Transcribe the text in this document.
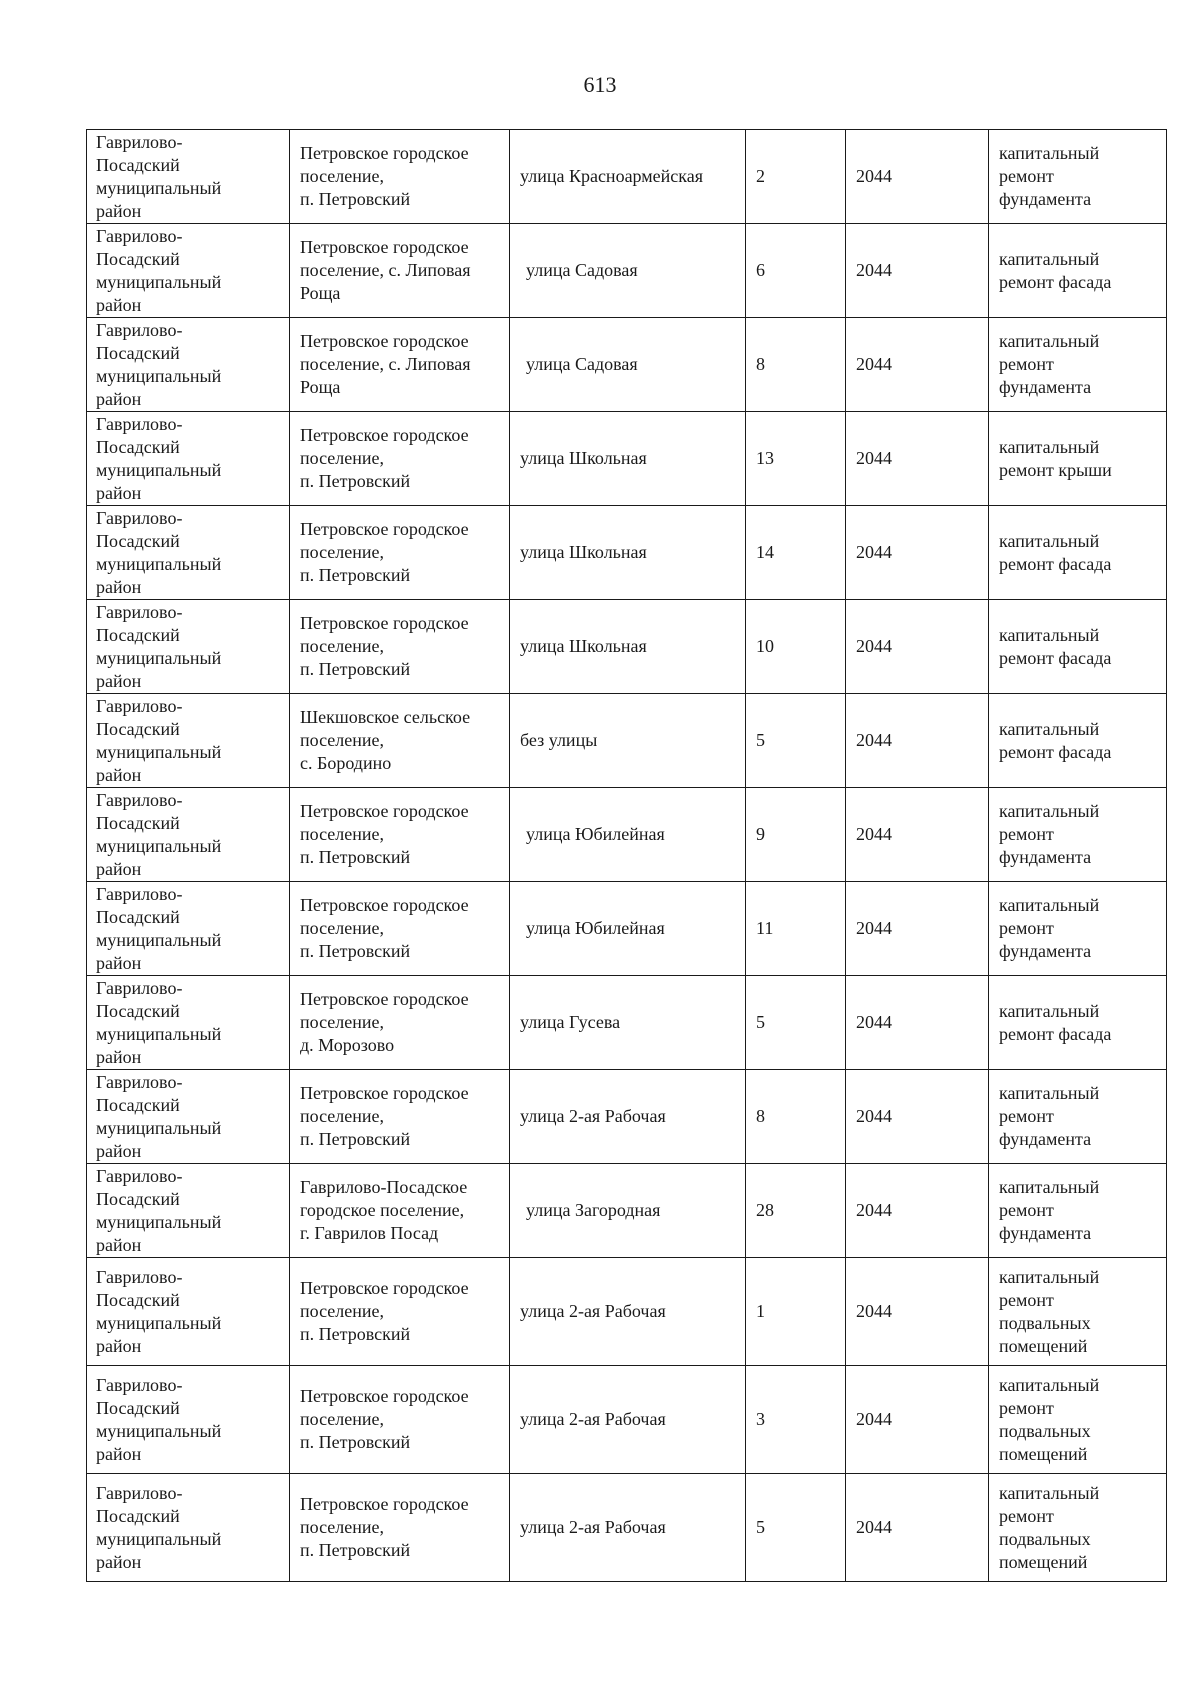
613
Гаврилово-
Посадский
муниципальный
район	Петровское городское
поселение,
п. Петровский	улица Красноармейская	2	2044	капитальный
ремонт
фундамента
Гаврилово-
Посадский
муниципальный
район	Петровское городское
поселение, с. Липовая
Роща	улица Садовая	6	2044	капитальный
ремонт фасада
Гаврилово-
Посадский
муниципальный
район	Петровское городское
поселение, с. Липовая
Роща	улица Садовая	8	2044	капитальный
ремонт
фундамента
Гаврилово-
Посадский
муниципальный
район	Петровское городское
поселение,
п. Петровский	улица Школьная	13	2044	капитальный
ремонт крыши
Гаврилово-
Посадский
муниципальный
район	Петровское городское
поселение,
п. Петровский	улица Школьная	14	2044	капитальный
ремонт фасада
Гаврилово-
Посадский
муниципальный
район	Петровское городское
поселение,
п. Петровский	улица Школьная	10	2044	капитальный
ремонт фасада
Гаврилово-
Посадский
муниципальный
район	Шекшовское сельское
поселение,
с. Бородино	без улицы	5	2044	капитальный
ремонт фасада
Гаврилово-
Посадский
муниципальный
район	Петровское городское
поселение,
п. Петровский	улица Юбилейная	9	2044	капитальный
ремонт
фундамента
Гаврилово-
Посадский
муниципальный
район	Петровское городское
поселение,
п. Петровский	улица Юбилейная	11	2044	капитальный
ремонт
фундамента
Гаврилово-
Посадский
муниципальный
район	Петровское городское
поселение,
д. Морозово	улица Гусева	5	2044	капитальный
ремонт фасада
Гаврилово-
Посадский
муниципальный
район	Петровское городское
поселение,
п. Петровский	улица 2-ая Рабочая	8	2044	капитальный
ремонт
фундамента
Гаврилово-
Посадский
муниципальный
район	Гаврилово-Посадское
городское поселение,
г. Гаврилов Посад	улица Загородная	28	2044	капитальный
ремонт
фундамента
Гаврилово-
Посадский
муниципальный
район	Петровское городское
поселение,
п. Петровский	улица 2-ая Рабочая	1	2044	капитальный
ремонт
подвальных
помещений
Гаврилово-
Посадский
муниципальный
район	Петровское городское
поселение,
п. Петровский	улица 2-ая Рабочая	3	2044	капитальный
ремонт
подвальных
помещений
Гаврилово-
Посадский
муниципальный
район	Петровское городское
поселение,
п. Петровский	улица 2-ая Рабочая	5	2044	капитальный
ремонт
подвальных
помещений
